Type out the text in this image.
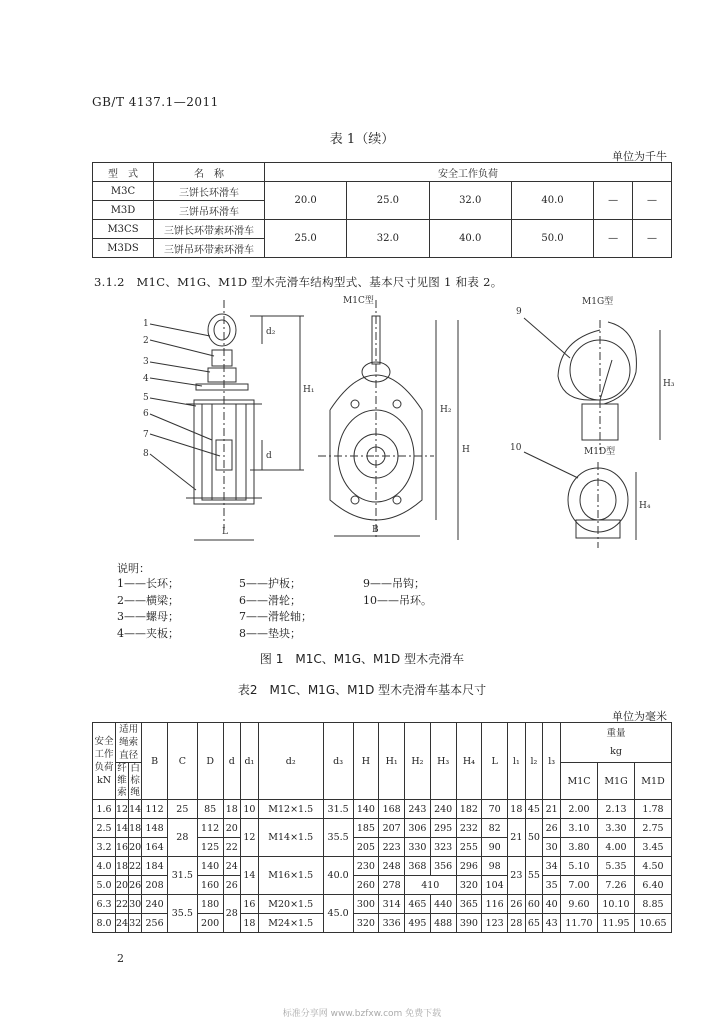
GB/T 4137.1—2011
表 1（续）
单位为千牛
型　式	名　称	安全工作负荷					
M3C	三饼长环滑车	20.0	25.0	32.0	40.0	—	—
M3D	三饼吊环滑车						
M3CS	三饼长环带索环滑车	25.0	32.0	40.0	50.0	—	—
M3DS	三饼吊环带索环滑车						
3.1.2　M1C、M1G、M1D 型木壳滑车结构型式、基本尺寸见图 1 和表 2。
M1C型	M1G型
M1D型
1
2
3
4
5
6
7
8
9
10
d₂
H₁
d
L
H₂
H
B
H₃
H₄
说明：
1——长环；	5——护板；	9——吊钩；
2——横梁；	6——滑轮；	10——吊环。
3——螺母；	7——滑轮轴；
4——夹板；	8——垫块；
图 1　M1C、M1G、M1D 型木壳滑车
表2　M1C、M1G、M1D 型木壳滑车基本尺寸
单位为毫米
安全工作负荷kN	适用绳索直径		B	C	D	d	d₁	d₂	d₃	H	H₁	H₂	H₃	H₄	L	l₁	l₂	l₃	重量
kg		
	纤维索	白棕绳																	M1C	M1G	M1D

1.6	12	14	112	25	85	18	10	M12×1.5	31.5	140	168	243	240	182	70	18	45	21	2.00	2.13	1.78
2.5	14	18	148	28	112	20	12	M14×1.5	35.5	185	207	306	295	232	82	21	50	26	3.10	3.30	2.75
3.2	16	20	164		125	22				205	223	330	323	255	90			30	3.80	4.00	3.45
4.0	18	22	184	31.5	140	24	14	M16×1.5	40.0	230	248	368	356	296	98	23	55	34	5.10	5.35	4.50
5.0	20	26	208		160	26				260	278	410		320	104			35	7.00	7.26	6.40
6.3	22	30	240	35.5	180	28	16	M20×1.5	45.0	300	314	465	440	365	116	26	60	40	9.60	10.10	8.85
8.0	24	32	256		200		18	M24×1.5		320	336	495	488	390	123	28	65	43	11.70	11.95	10.65
2
标准分享网 www.bzfxw.com 免费下载
